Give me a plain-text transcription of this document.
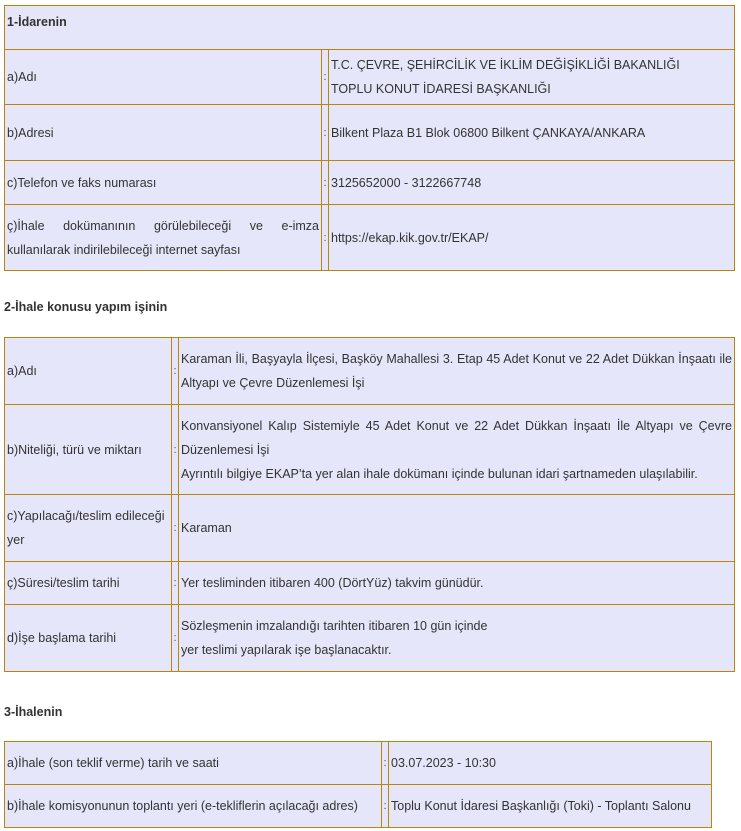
1-İdarenin		
a)Adı	:	T.C. ÇEVRE, ŞEHİRCİLİK VE İKLİM DEĞİŞİKLİĞİ BAKANLIĞI
TOPLU KONUT İDARESİ BAŞKANLIĞI

b)Adresi	:	Bilkent Plaza B1 Blok 06800 Bilkent ÇANKAYA/ANKARA
c)Telefon ve faks numarası	:	3125652000 - 3122667748
ç)İhale dokümanının görülebileceği ve e-imza kullanılarak indirilebileceği internet sayfası	:	https://ekap.kik.gov.tr/EKAP/
2-İhale konusu yapım işinin
a)Adı	:	Karaman İli, Başyayla İlçesi, Başköy Mahallesi 3. Etap 45 Adet Konut ve 22 Adet Dükkan İnşaatı ile Altyapı ve Çevre Düzenlemesi İşi
b)Niteliği, türü ve miktarı	:	Konvansiyonel Kalıp Sistemiyle 45 Adet Konut ve 22 Adet Dükkan İnşaatı İle Altyapı ve Çevre Düzenlemesi İşi
Ayrıntılı bilgiye EKAP’ta yer alan ihale dokümanı içinde bulunan idari şartnameden ulaşılabilir.

c)Yapılacağı/teslim edileceği yer	:	Karaman
ç)Süresi/teslim tarihi	:	Yer tesliminden itibaren 400 (DörtYüz) takvim günüdür.
d)İşe başlama tarihi	:	Sözleşmenin imzalandığı tarihten itibaren 10 gün içinde
yer teslimi yapılarak işe başlanacaktır.
3-İhalenin
a)İhale (son teklif verme) tarih ve saati	:	03.07.2023 - 10:30
b)İhale komisyonunun toplantı yeri (e-tekliflerin açılacağı adres)	:	Toplu Konut İdaresi Başkanlığı (Toki) - Toplantı Salonu
